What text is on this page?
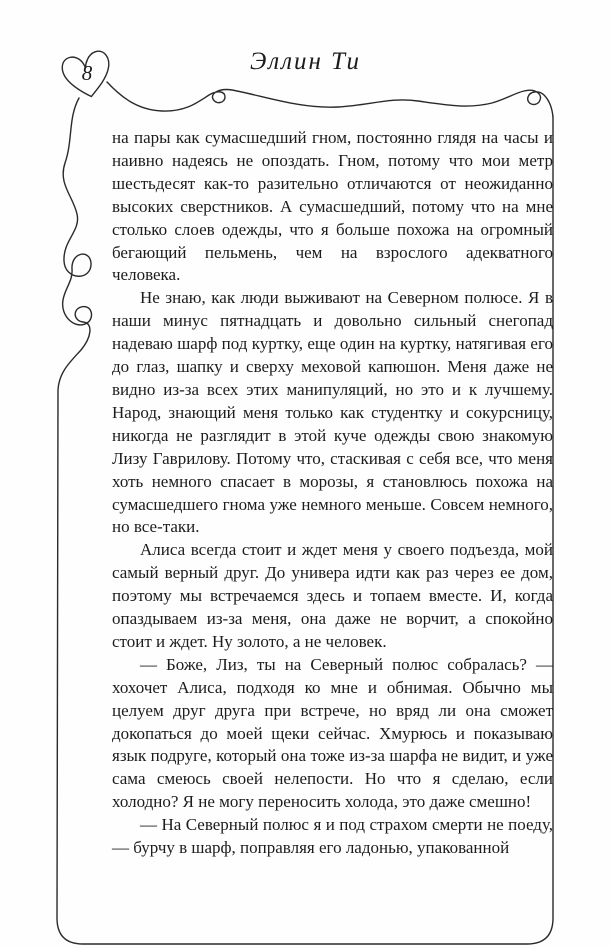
Эллин Ти
8

на пары как сумасшедший гном, постоянно глядя на часы и наивно надеясь не опоздать. Гном, потому что мои метр шестьдесят как-то разительно отличаются от неожиданно высоких сверстников. А сумасшедший, потому что на мне столько слоев одежды, что я больше похожа на огромный бегающий пельмень, чем на взрослого адекватного человека.

Не знаю, как люди выживают на Северном полюсе. Я в наши минус пятнадцать и довольно сильный снегопад надеваю шарф под куртку, еще один на куртку, натягивая его до глаз, шапку и сверху меховой капюшон. Меня даже не видно из-за всех этих манипуляций, но это и к лучшему. Народ, знающий меня только как студентку и сокурсницу, никогда не разглядит в этой куче одежды свою знакомую Лизу Гаврилову. Потому что, стаскивая с себя все, что меня хоть немного спасает в морозы, я становлюсь похожа на сумасшедшего гнома уже немного меньше. Совсем немного, но все-таки.

Алиса всегда стоит и ждет меня у своего подъезда, мой самый верный друг. До универа идти как раз через ее дом, поэтому мы встречаемся здесь и топаем вместе. И, когда опаздываем из-за меня, она даже не ворчит, а спокойно стоит и ждет. Ну золото, а не человек.

— Боже, Лиз, ты на Северный полюс собралась? — хохочет Алиса, подходя ко мне и обнимая. Обычно мы целуем друг друга при встрече, но вряд ли она сможет докопаться до моей щеки сейчас. Хмурюсь и показываю язык подруге, который она тоже из-за шарфа не видит, и уже сама смеюсь своей нелепости. Но что я сделаю, если холодно? Я не могу переносить холода, это даже смешно!

— На Северный полюс я и под страхом смерти не поеду, — бурчу в шарф, поправляя его ладонью, упакованной
